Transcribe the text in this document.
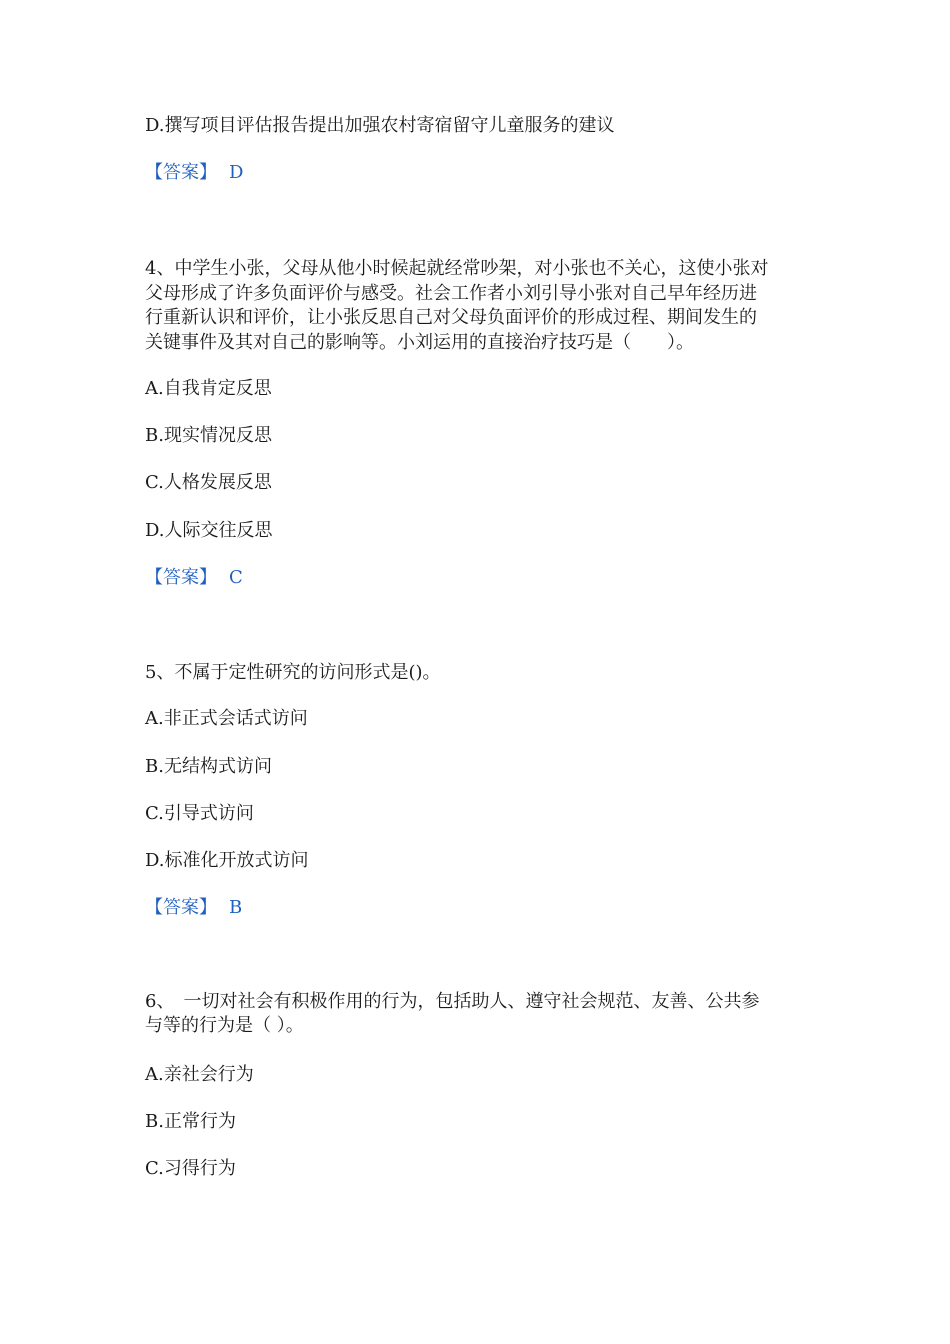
D.撰写项目评估报告提出加强农村寄宿留守儿童服务的建议
【答案】 D
4、中学生小张，父母从他小时候起就经常吵架，对小张也不关心，这使小张对
父母形成了许多负面评价与感受。社会工作者小刘引导小张对自己早年经历进
行重新认识和评价，让小张反思自己对父母负面评价的形成过程、期间发生的
关键事件及其对自己的影响等。小刘运用的直接治疗技巧是（　　）。
A.自我肯定反思
B.现实情况反思
C.人格发展反思
D.人际交往反思
【答案】 C
5、不属于定性研究的访问形式是()。
A.非正式会话式访问
B.无结构式访问
C.引导式访问
D.标准化开放式访问
【答案】 B
6、　一切对社会有积极作用的行为，包括助人、遵守社会规范、友善、公共参
与等的行为是（ ）。
A.亲社会行为
B.正常行为
C.习得行为
